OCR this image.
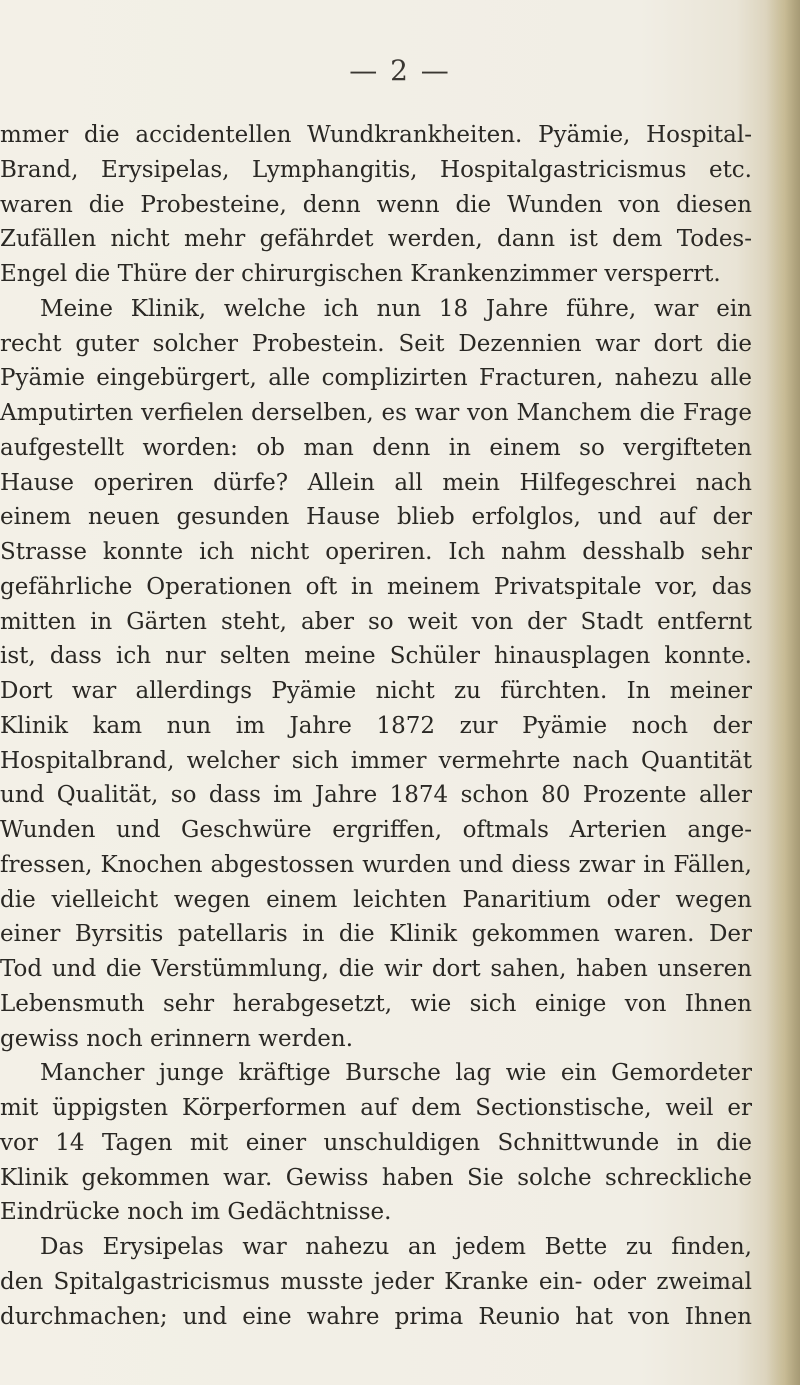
— 2 —
mmer die accidentellen Wundkrankheiten. Pyämie, Hospital-
Brand, Erysipelas, Lymphangitis, Hospitalgastricismus etc.
waren die Probesteine, denn wenn die Wunden von diesen
Zufällen nicht mehr gefährdet werden, dann ist dem Todes-
Engel die Thüre der chirurgischen Krankenzimmer versperrt.
Meine Klinik, welche ich nun 18 Jahre führe, war ein
recht guter solcher Probestein. Seit Dezennien war dort die
Pyämie eingebürgert, alle complizirten Fracturen, nahezu alle
Amputirten verfielen derselben, es war von Manchem die Frage
aufgestellt worden: ob man denn in einem so vergifteten
Hause operiren dürfe? Allein all mein Hilfegeschrei nach
einem neuen gesunden Hause blieb erfolglos, und auf der
Strasse konnte ich nicht operiren. Ich nahm desshalb sehr
gefährliche Operationen oft in meinem Privatspitale vor, das
mitten in Gärten steht, aber so weit von der Stadt entfernt
ist, dass ich nur selten meine Schüler hinausplagen konnte.
Dort war allerdings Pyämie nicht zu fürchten. In meiner
Klinik kam nun im Jahre 1872 zur Pyämie noch der
Hospitalbrand, welcher sich immer vermehrte nach Quantität
und Qualität, so dass im Jahre 1874 schon 80 Prozente aller
Wunden und Geschwüre ergriffen, oftmals Arterien ange-
fressen, Knochen abgestossen wurden und diess zwar in Fällen,
die vielleicht wegen einem leichten Panaritium oder wegen
einer Byrsitis patellaris in die Klinik gekommen waren. Der
Tod und die Verstümmlung, die wir dort sahen, haben unseren
Lebensmuth sehr herabgesetzt, wie sich einige von Ihnen
gewiss noch erinnern werden.
Mancher junge kräftige Bursche lag wie ein Gemordeter
mit üppigsten Körperformen auf dem Sectionstische, weil er
vor 14 Tagen mit einer unschuldigen Schnittwunde in die
Klinik gekommen war. Gewiss haben Sie solche schreckliche
Eindrücke noch im Gedächtnisse.
Das Erysipelas war nahezu an jedem Bette zu finden,
den Spitalgastricismus musste jeder Kranke ein- oder zweimal
durchmachen; und eine wahre prima Reunio hat von Ihnen
